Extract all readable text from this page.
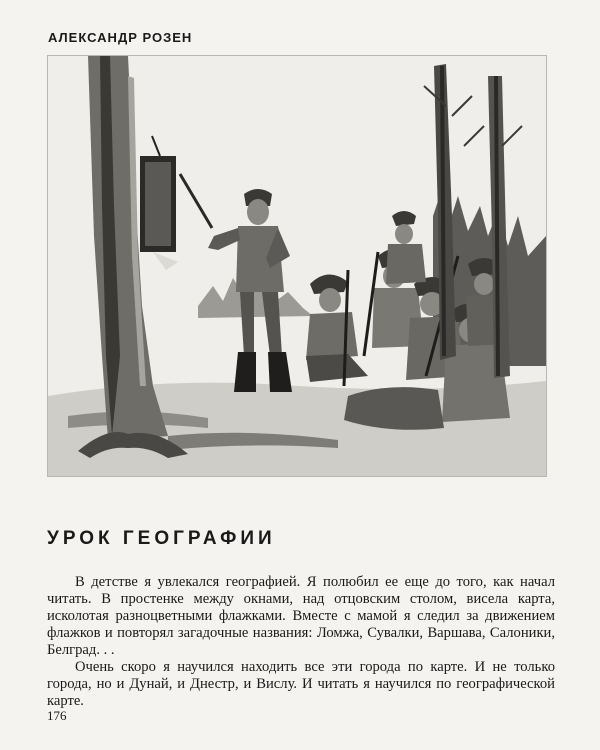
АЛЕКСАНДР РОЗЕН
УРОК ГЕОГРАФИИ

В детстве я увлекался географией. Я полюбил ее еще до того, как начал читать. В простенке между окнами, над отцовским столом, висела карта, исколотая разноцветными флажками. Вместе с мамой я следил за движением флажков и повторял загадочные названия: Ломжа, Сувалки, Варшава, Салоники, Белград. . .

Очень скоро я научился находить все эти города по карте. И не только города, но и Дунай, и Днестр, и Вислу. И читать я научился по географической карте.

176
